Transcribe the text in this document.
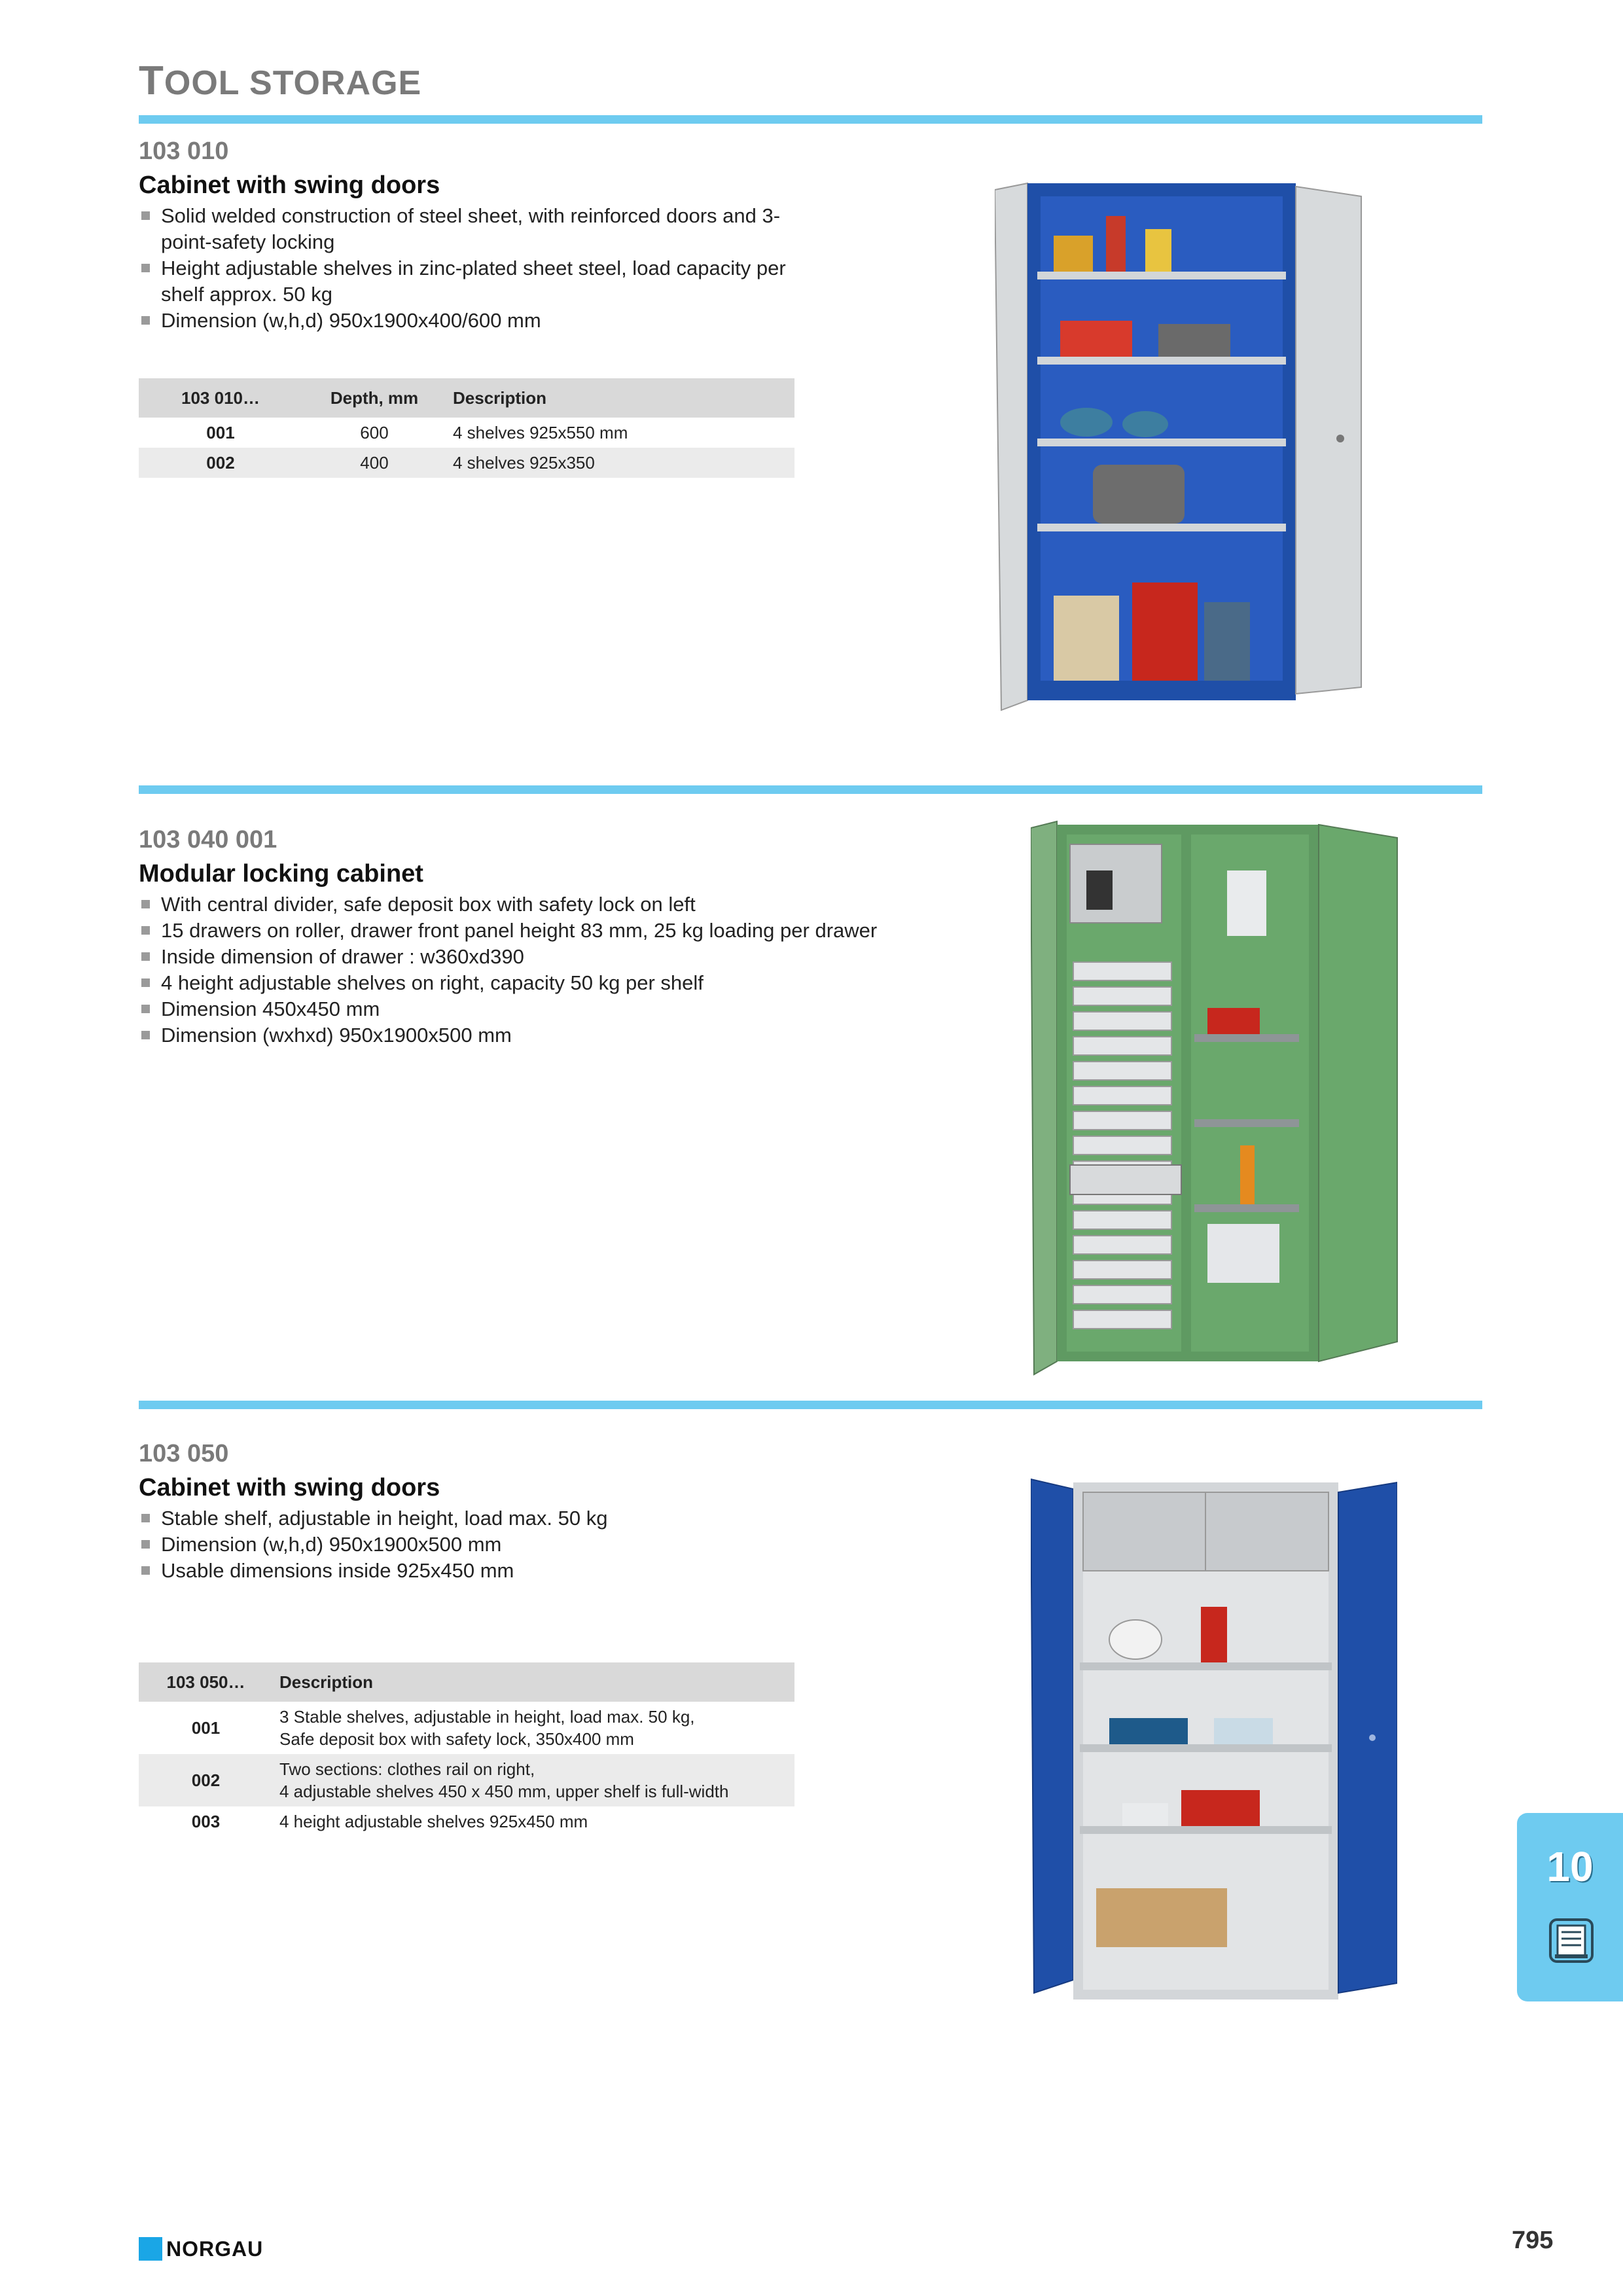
TOOL STORAGE
103 010
Cabinet with swing doors
Solid welded construction of steel sheet, with reinforced doors and 3-point-safety locking
Height adjustable shelves in zinc-plated sheet steel, load capacity per shelf approx. 50 kg
Dimension (w,h,d) 950x1900x400/600 mm
103 010…	Depth, mm	Description
001	600	4 shelves 925x550 mm
002	400	4 shelves 925x350
103 040 001
Modular locking cabinet
With central divider, safe deposit box with safety lock on left
15 drawers on roller, drawer front panel height 83 mm, 25 kg loading per drawer
Inside dimension of drawer : w360xd390
4 height adjustable shelves on right, capacity 50 kg per shelf
Dimension 450x450 mm
Dimension (wxhxd) 950x1900x500 mm
103 050
Cabinet with swing doors
Stable shelf, adjustable in height, load max. 50 kg
Dimension (w,h,d) 950x1900x500 mm
Usable dimensions inside 925x450 mm
103 050…	Description
001	3 Stable shelves, adjustable in height, load max. 50 kg,
Safe deposit box with safety lock, 350x400 mm

002	Two sections: clothes rail on right,
4 adjustable shelves 450 x 450 mm, upper shelf is full-width

003	4 height adjustable shelves 925x450 mm
10
NORGAU	795
